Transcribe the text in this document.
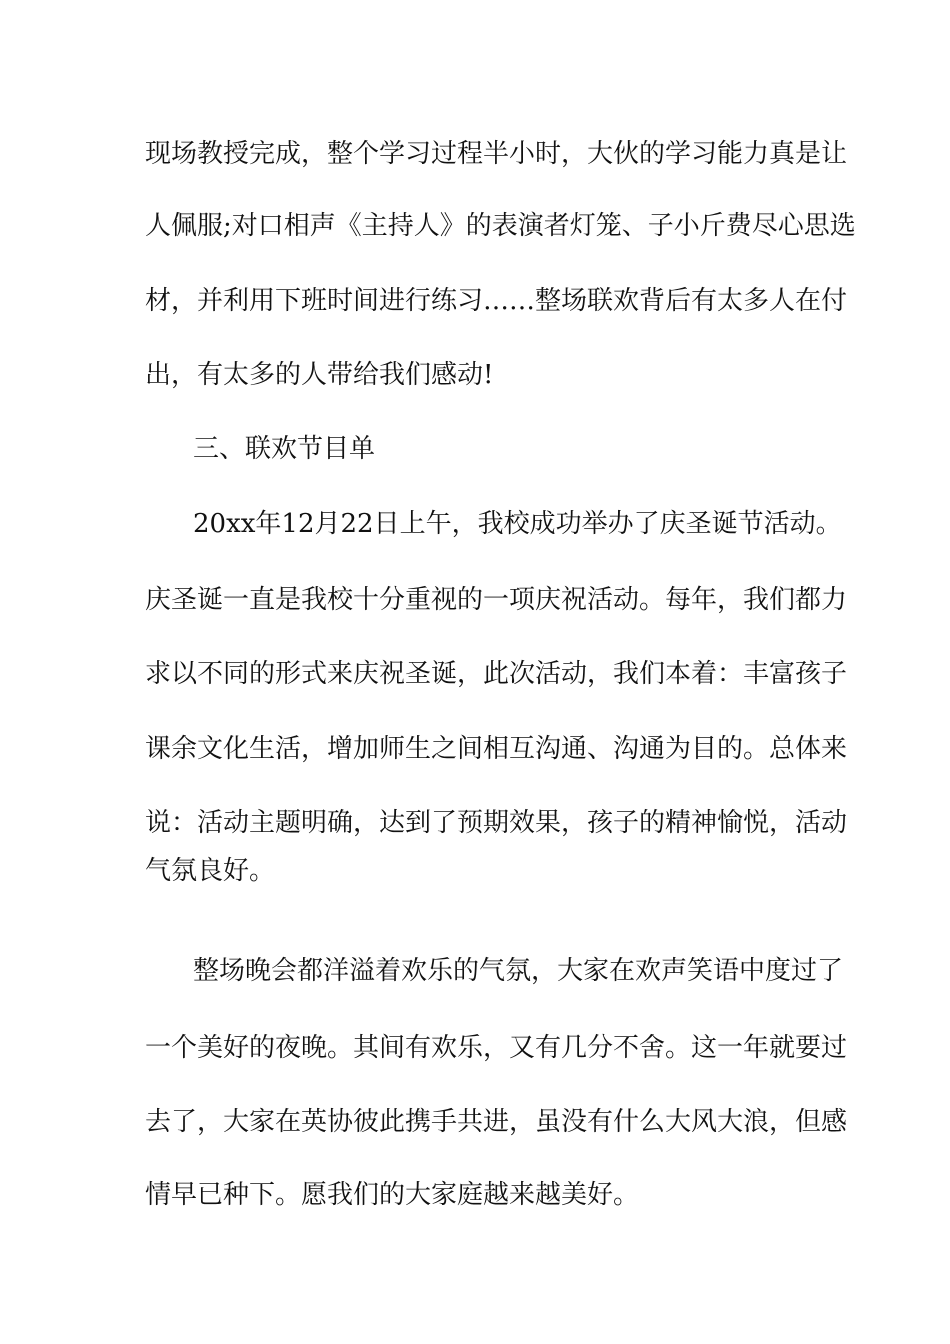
现场教授完成，整个学习过程半小时，大伙的学习能力真是让
人佩服;对口相声《主持人》的表演者灯笼、子小斤费尽心思选
材，并利用下班时间进行练习……整场联欢背后有太多人在付
出，有太多的人带给我们感动!
三、联欢节目单
20xx年12月22日上午，我校成功举办了庆圣诞节活动。
庆圣诞一直是我校十分重视的一项庆祝活动。每年，我们都力
求以不同的形式来庆祝圣诞，此次活动，我们本着：丰富孩子
课余文化生活，增加师生之间相互沟通、沟通为目的。总体来
说：活动主题明确，达到了预期效果，孩子的精神愉悦，活动
气氛良好。
整场晚会都洋溢着欢乐的气氛，大家在欢声笑语中度过了
一个美好的夜晚。其间有欢乐，又有几分不舍。这一年就要过
去了，大家在英协彼此携手共进，虽没有什么大风大浪，但感
情早已种下。愿我们的大家庭越来越美好。
